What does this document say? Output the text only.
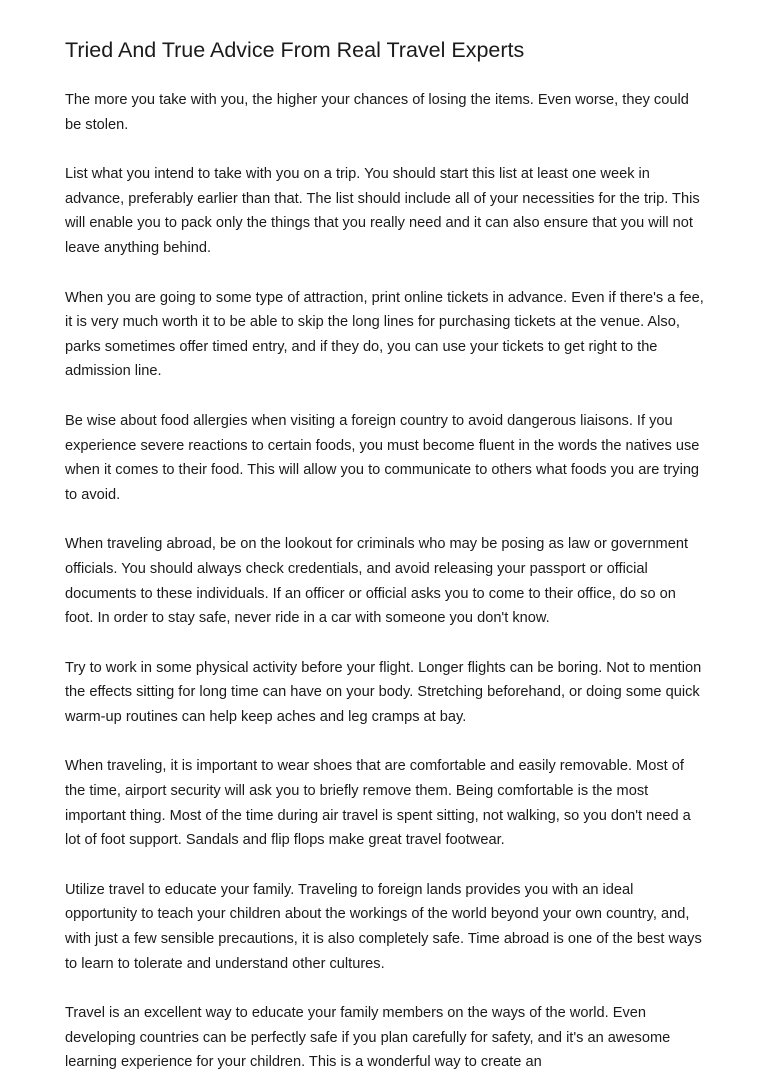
Tried And True Advice From Real Travel Experts

The more you take with you, the higher your chances of losing the items. Even worse, they could be stolen.

List what you intend to take with you on a trip. You should start this list at least one week in advance, preferably earlier than that. The list should include all of your necessities for the trip. This will enable you to pack only the things that you really need and it can also ensure that you will not leave anything behind.

When you are going to some type of attraction, print online tickets in advance. Even if there's a fee, it is very much worth it to be able to skip the long lines for purchasing tickets at the venue. Also, parks sometimes offer timed entry, and if they do, you can use your tickets to get right to the admission line.

Be wise about food allergies when visiting a foreign country to avoid dangerous liaisons. If you experience severe reactions to certain foods, you must become fluent in the words the natives use when it comes to their food. This will allow you to communicate to others what foods you are trying to avoid.

When traveling abroad, be on the lookout for criminals who may be posing as law or government officials. You should always check credentials, and avoid releasing your passport or official documents to these individuals. If an officer or official asks you to come to their office, do so on foot. In order to stay safe, never ride in a car with someone you don't know.

Try to work in some physical activity before your flight. Longer flights can be boring. Not to mention the effects sitting for long time can have on your body. Stretching beforehand, or doing some quick warm-up routines can help keep aches and leg cramps at bay.

When traveling, it is important to wear shoes that are comfortable and easily removable. Most of the time, airport security will ask you to briefly remove them. Being comfortable is the most important thing. Most of the time during air travel is spent sitting, not walking, so you don't need a lot of foot support. Sandals and flip flops make great travel footwear.

Utilize travel to educate your family. Traveling to foreign lands provides you with an ideal opportunity to teach your children about the workings of the world beyond your own country, and, with just a few sensible precautions, it is also completely safe. Time abroad is one of the best ways to learn to tolerate and understand other cultures.

Travel is an excellent way to educate your family members on the ways of the world. Even developing countries can be perfectly safe if you plan carefully for safety, and it's an awesome learning experience for your children. This is a wonderful way to create an
